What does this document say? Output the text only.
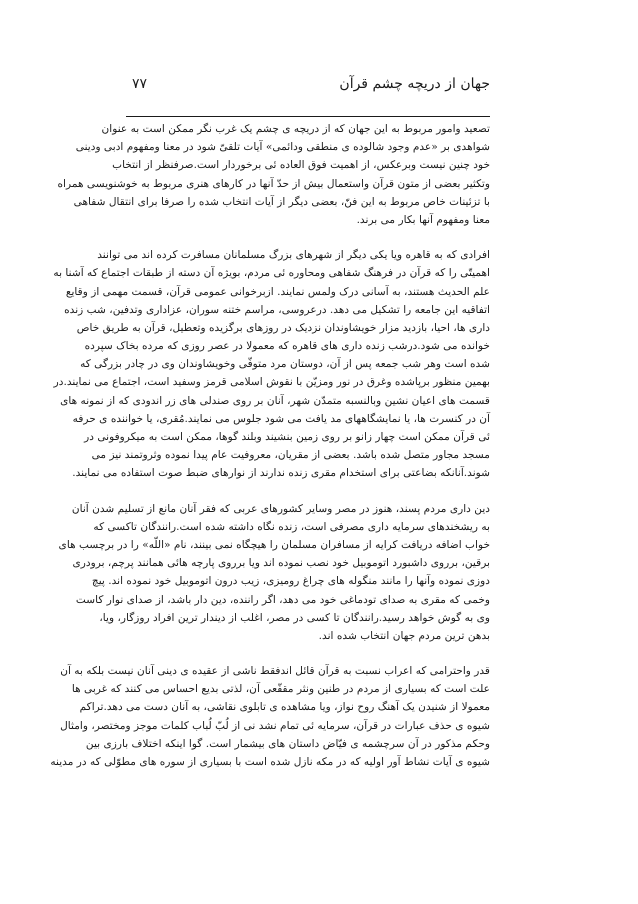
۷۷	جهان از دریچه چشم قرآن
تصعید وامور مربوط به این جهان که از دریچه ی چشم یک غرب نگر ممکن است به عنوان
شواهدی بر «عدم وجود شالوده ی منطقی ودائمی» آیات تلقیّ شود در معنا ومفهوم ادبی ودینی
خود چنین نیست وبرعکس، از اهمیت فوق العاده ئی برخوردار است.صرفنظر از انتخاب
وتکثیر بعضی از متون قرآن واستعمال بیش از حدّ آنها در کارهای هنری مربوط به خوشنویسی همراه
با تزئینات خاص مربوط به این فنّ، بعضی دیگر از آیات انتخاب شده را صرفا برای انتقال شفاهی
معنا ومفهوم آنها بکار می برند.
افرادی که به قاهره ویا یکی دیگر از شهرهای بزرگ مسلمانان مسافرت کرده اند می توانند
اهمیتّی را که قرآن در فرهنگ شفاهی ومحاوره ئی مردم، بویژه آن دسته از طبقات اجتماع که آشنا به
علم الحدیث هستند، به آسانی درک ولمس نمایند. ازبرخوانی عمومی قرآن، قسمت مهمی از وقایع
اتفاقیه این جامعه را تشکیل می دهد. درعروسی، مراسم ختنه سوران، عزاداری وتدفین، شب زنده
داری ها، احیا، بازدید مزار خویشاوندان نزدیک در روزهای برگزیده وتعطیل، قرآن به طریق خاص
خوانده می شود.درشب زنده داری های قاهره که معمولا در عصر روزی که مرده بخاک سپرده
شده است وهر شب جمعه پس از آن، دوستان مرد متوفّی وخویشاوندان وی در چادر بزرگی که
بهمین منظور برپاشده وغرق در نور ومزیّن با نقوش اسلامی قرمز وسفید است، اجتماع می نمایند.در
قسمت های اعیان نشین وبالنسبه متمدّن شهر، آنان بر روی صندلی های زر اندودی که از نمونه های
آن در کنسرت ها، یا نمایشگاههای مد یافت می شود جلوس می نمایند.مُقری، یا خواننده ی حرفه
ئی قرآن ممکن است چهار زانو بر روی زمین بنشیند وبلند گوها، ممکن است به میکروفونی در
مسجد مجاور متصل شده باشد. بعضی از مقریان، معروفیت عام پیدا نموده وثروتمند نیز می
شوند.آنانکه بضاعتی برای استخدام مقری زنده ندارند از نوارهای ضبط صوت استفاده می نمایند.
دین داری مردم پسند، هنوز در مصر وسایر کشورهای عربی که فقر آنان مانع از تسلیم شدن آنان
به ریشخندهای سرمایه داری مصرفی است، زنده نگاه داشته شده است.رانندگان تاکسی که
خواب اضافه دریافت کرایه از مسافران مسلمان را هیچگاه نمی بینند، نام «اللّه» را در برچسب های
برقین، برروی داشبورد اتوموبیل خود نصب نموده اند ویا برروی پارچه هائی همانند پرچم، برودری
دوزی نموده وآنها را مانند منگوله های چراغ رومیزی، زیب درون اتوموبیل خود نموده اند. پیچ
وخمی که مقری به صدای تودماغی خود می دهد، اگر راننده، دین دار باشد، از صدای نوار کاست
وی به گوش خواهد رسید.رانندگان تا کسی در مصر، اغلب از دیندار ترین افراد روزگار، ویا،
بدهن ترین مردم جهان انتخاب شده اند.
قدر واحترامی که اعراب نسبت به قرآن قائل اندفقط ناشی از عقیده ی دینی آنان نیست بلکه به آن
علت است که بسیاری از مردم در طنین ونثر مقفّعی آن، لذتی بدیع احساس می کنند که غربی ها
معمولا از شنیدن یک آهنگ روح نواز، ویا مشاهده ی تابلوی نقاشی، به آنان دست می دهد.تراکم
شیوه ی حذف عبارات در قرآن، سرمایه ئی تمام نشد نی از لُبّ لُباب کلمات موجز ومختصر، وامثال
وحکم مذکور در آن سرچشمه ی فیّاض داستان های بیشمار است. گوا اینکه اختلاف بارزی بین
شیوه ی آیات نشاط آور اولیه که در مکه نازل شده است با بسیاری از سوره های مطوّلی که در مدینه
